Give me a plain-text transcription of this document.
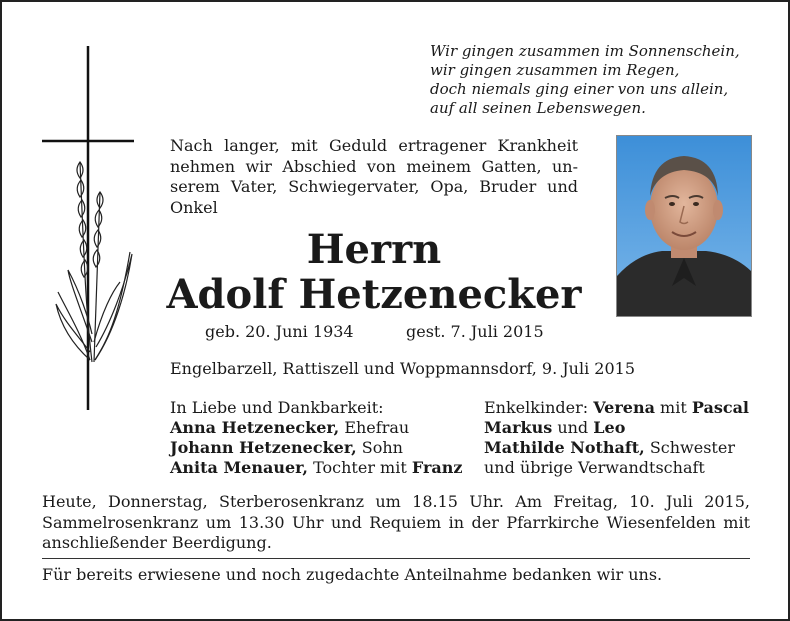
Wir gingen zusammen im Sonnenschein,
wir gingen zusammen im Regen,
doch niemals ging einer von uns allein,
auf all seinen Lebenswegen.
Nach langer, mit Geduld ertragener Krankheit
nehmen wir Abschied von meinem Gatten, un-
serem Vater, Schwiegervater, Opa, Bruder und
Onkel
Herrn
Adolf Hetzenecker
geb. 20. Juni 1934	gest. 7. Juli 2015
Engelbarzell, Rattiszell und Woppmannsdorf, 9. Juli 2015
In Liebe und Dankbarkeit:
Anna Hetzenecker, Ehefrau
Johann Hetzenecker, Sohn
Anita Menauer, Tochter mit Franz
Enkelkinder: Verena mit Pascal
Markus und Leo
Mathilde Nothaft, Schwester
und übrige Verwandtschaft
Heute, Donnerstag, Sterberosenkranz um 18.15 Uhr. Am Freitag, 10. Juli 2015,
Sammelrosenkranz um 13.30 Uhr und Requiem in der Pfarrkirche Wiesenfelden mit
anschließender Beerdigung.
Für bereits erwiesene und noch zugedachte Anteilnahme bedanken wir uns.
